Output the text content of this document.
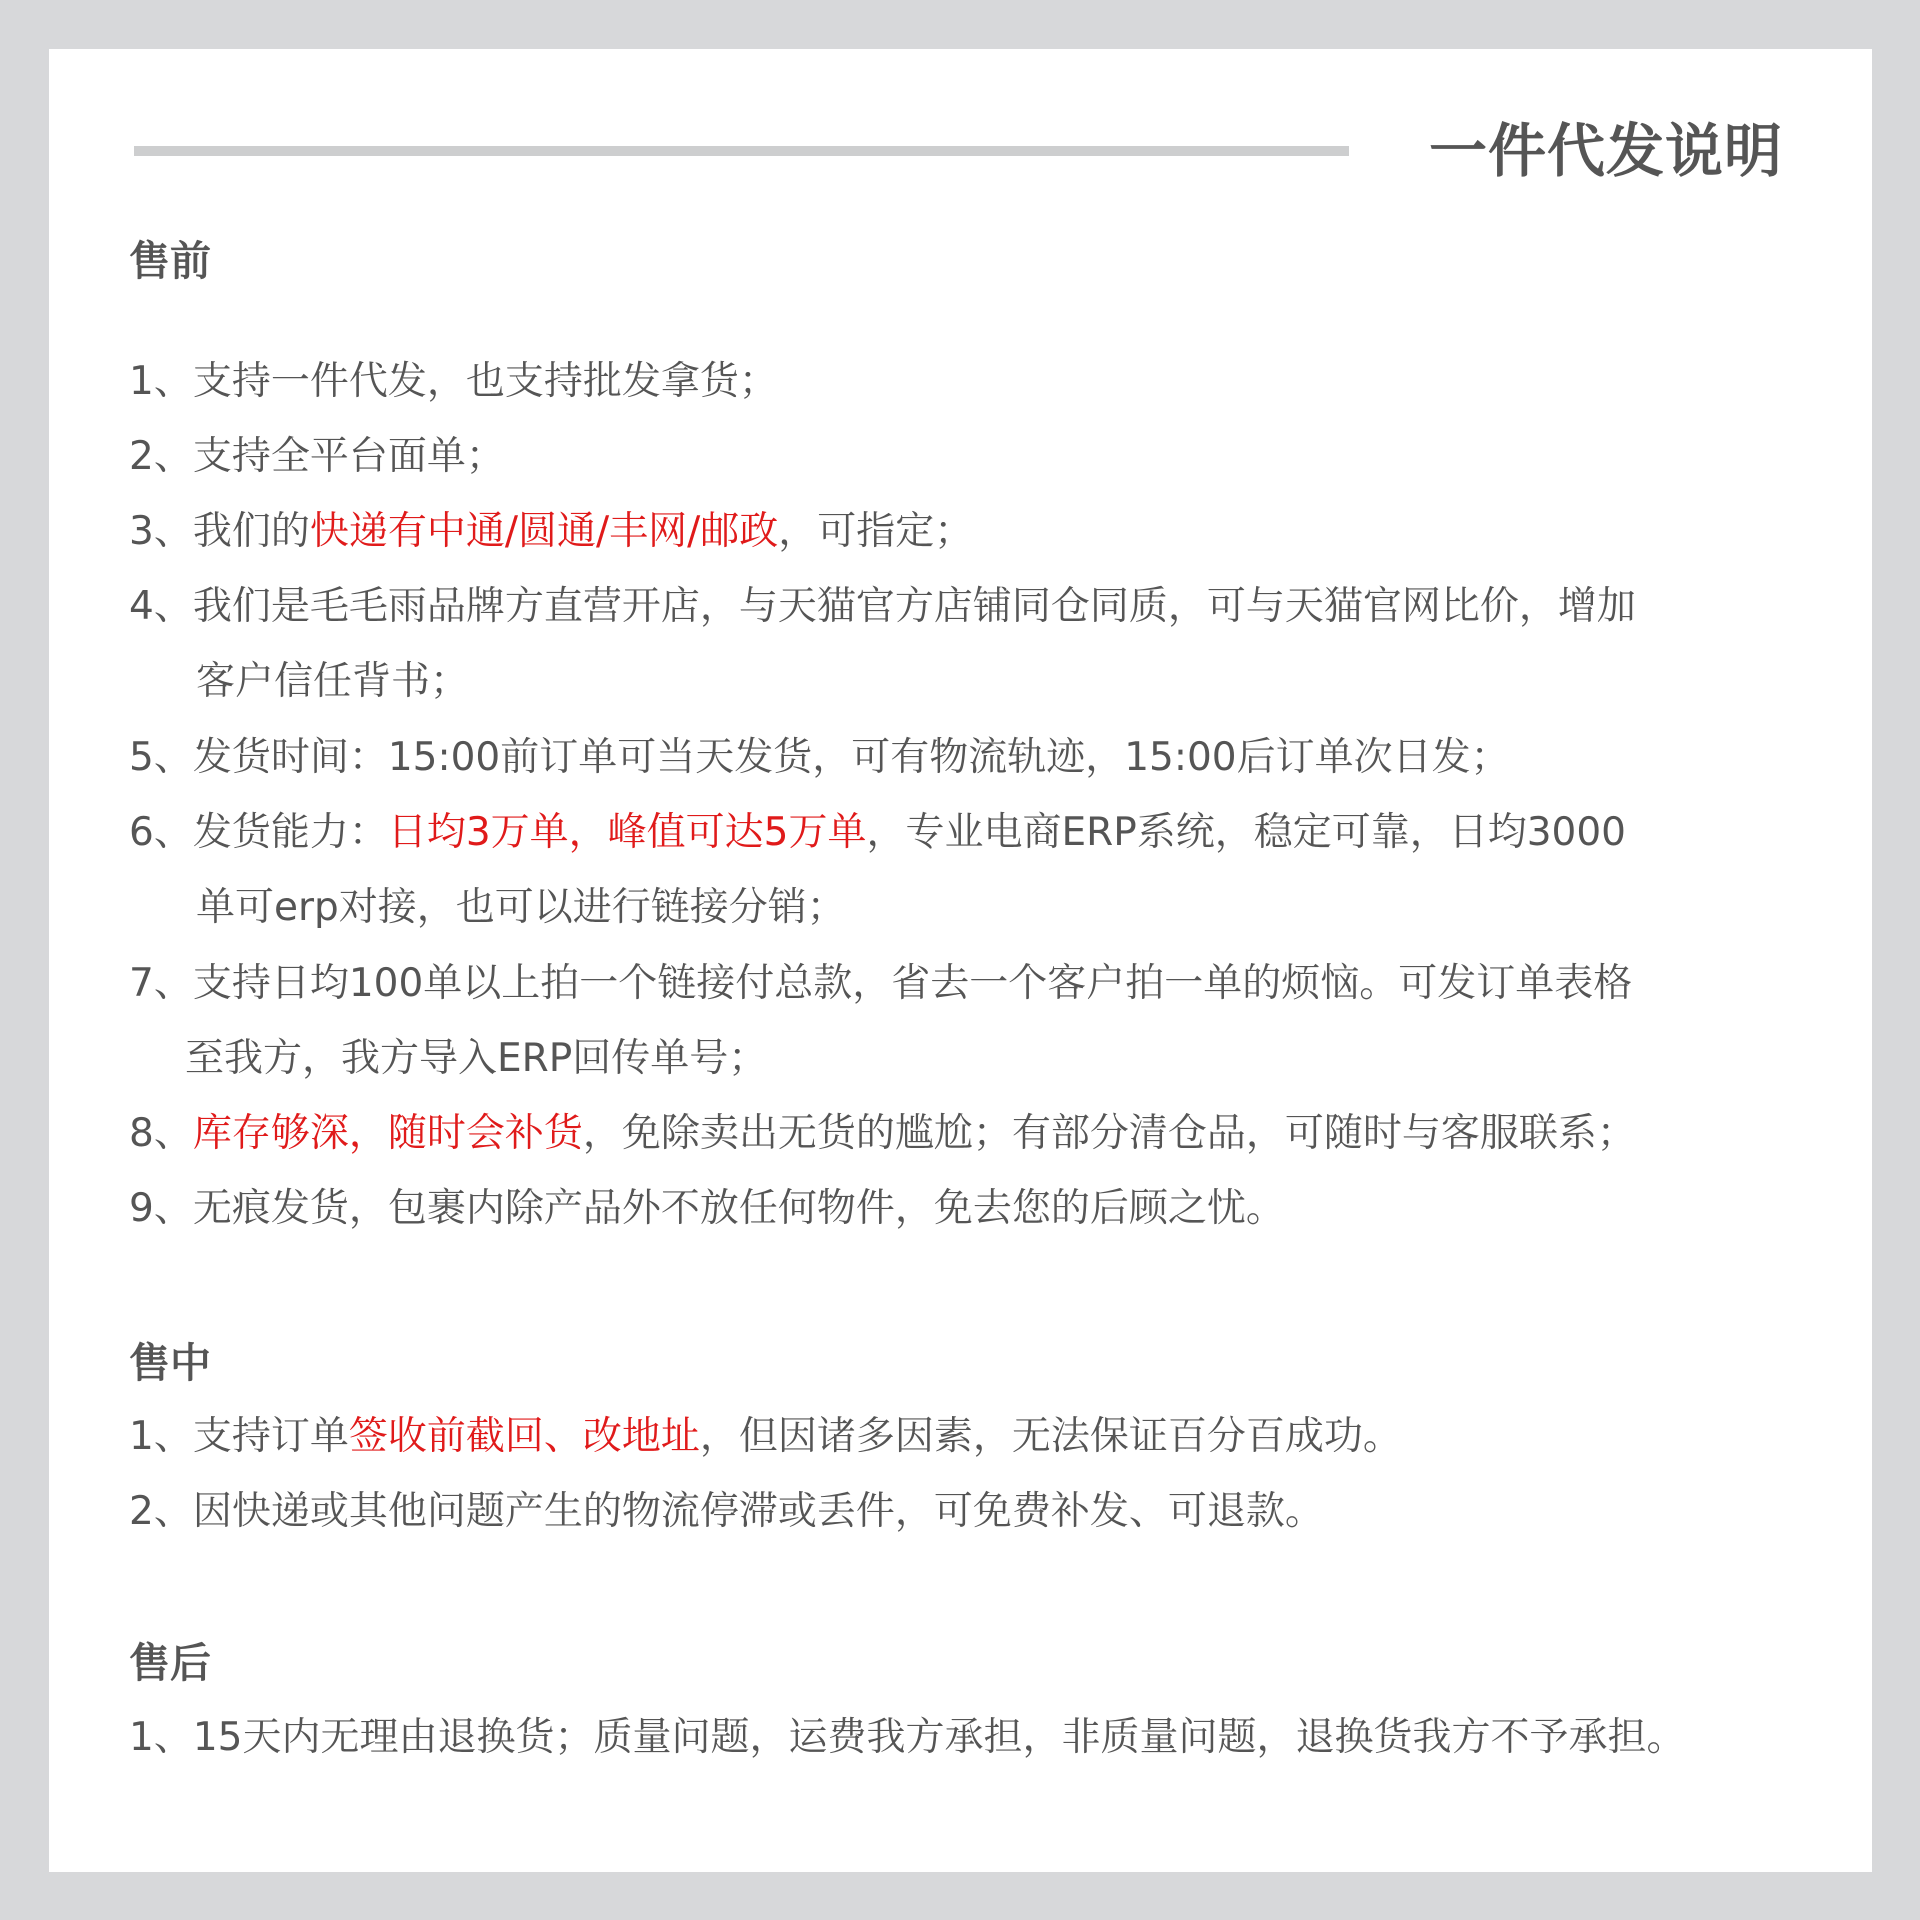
一件代发说明
售前
1、支持一件代发，也支持批发拿货；
2、支持全平台面单；
3、我们的快递有中通/圆通/丰网/邮政，可指定；
4、我们是毛毛雨品牌方直营开店，与天猫官方店铺同仓同质，可与天猫官网比价，增加
客户信任背书；
5、发货时间：15:00前订单可当天发货，可有物流轨迹，15:00后订单次日发；
6、发货能力：日均3万单，峰值可达5万单，专业电商ERP系统，稳定可靠，日均3000
单可erp对接，也可以进行链接分销；
7、支持日均100单以上拍一个链接付总款，省去一个客户拍一单的烦恼。可发订单表格
至我方，我方导入ERP回传单号；
8、库存够深，随时会补货，免除卖出无货的尴尬；有部分清仓品，可随时与客服联系；
9、无痕发货，包裹内除产品外不放任何物件，免去您的后顾之忧。
售中
1、支持订单签收前截回、改地址，但因诸多因素，无法保证百分百成功。
2、因快递或其他问题产生的物流停滞或丢件，可免费补发、可退款。
售后
1、15天内无理由退换货；质量问题，运费我方承担，非质量问题，退换货我方不予承担。
